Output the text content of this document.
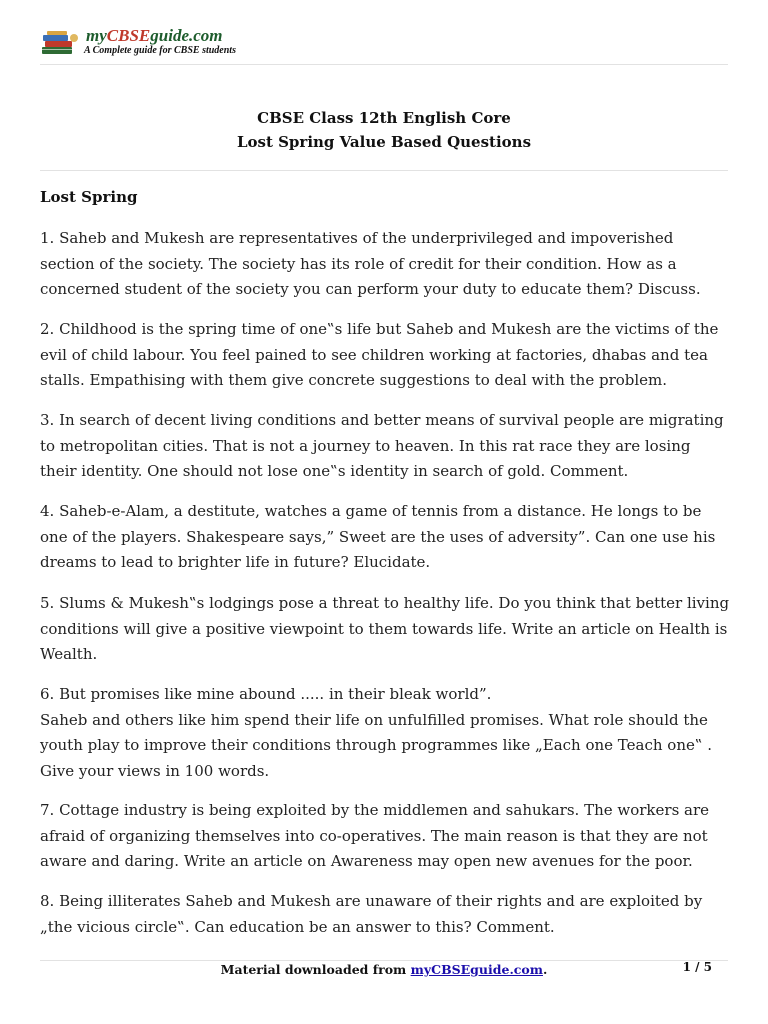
myCBSEguide.com
A Complete guide for CBSE students
CBSE Class 12th English Core
Lost Spring Value Based Questions
Lost Spring
1. Saheb and Mukesh are representatives of the underprivileged and impoverished section of the society. The society has its role of credit for their condition. How as a concerned student of the society you can perform your duty to educate them? Discuss.
2. Childhood is the spring time of one‟s life but Saheb and Mukesh are the victims of the evil of child labour. You feel pained to see children working at factories, dhabas and tea stalls. Empathising with them give concrete suggestions to deal with the problem.
3. In search of decent living conditions and better means of survival people are migrating to metropolitan cities. That is not a journey to heaven. In this rat race they are losing their identity. One should not lose one‟s identity in search of gold. Comment.
4. Saheb-e-Alam, a destitute, watches a game of tennis from a distance. He longs to be one of the players. Shakespeare says,” Sweet are the uses of adversity”. Can one use his dreams to lead to brighter life in future? Elucidate.
5. Slums & Mukesh‟s lodgings pose a threat to healthy life. Do you think that better living conditions will give a positive viewpoint to them towards life. Write an article on Health is Wealth.
6. But promises like mine abound ..... in their bleak world”.
Saheb and others like him spend their life on unfulfilled promises. What role should the youth play to improve their conditions through programmes like „Each one Teach one‟ . Give your views in 100 words.
7. Cottage industry is being exploited by the middlemen and sahukars. The workers are afraid of organizing themselves into co-operatives. The main reason is that they are not aware and daring. Write an article on Awareness may open new avenues for the poor.
8. Being illiterates Saheb and Mukesh are unaware of their rights and are exploited by „the vicious circle‟. Can education be an answer to this? Comment.
Material downloaded from myCBSEguide.com.	1 / 5
